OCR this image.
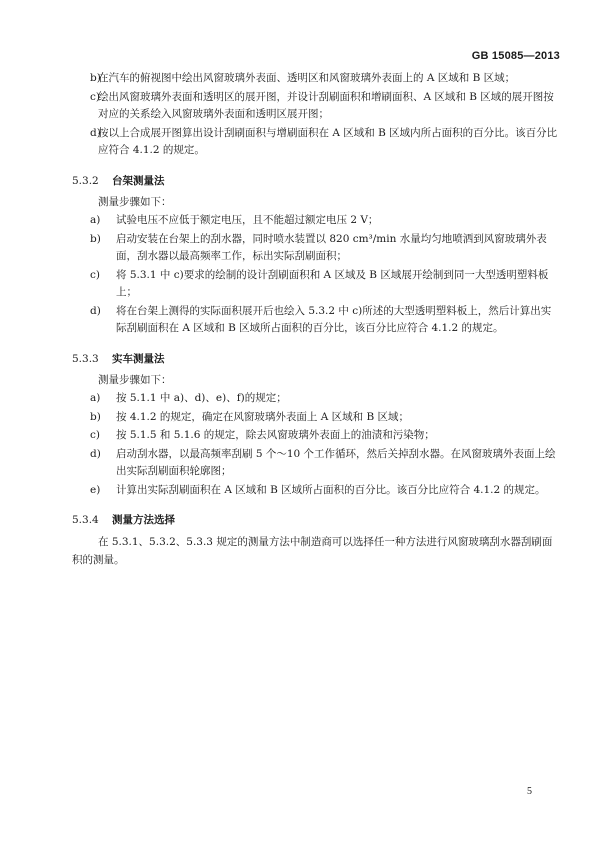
GB 15085—2013
b)
在汽车的俯视图中绘出风窗玻璃外表面、透明区和风窗玻璃外表面上的 A 区域和 B 区域；
c)
绘出风窗玻璃外表面和透明区的展开图，并设计刮刷面积和增刷面积、A 区域和 B 区域的展开图按对应的关系绘入风窗玻璃外表面和透明区展开图；
d)
按以上合成展开图算出设计刮刷面积与增刷面积在 A 区域和 B 区域内所占面积的百分比。该百分比应符合 4.1.2 的规定。
5.3.2 台架测量法
测量步骤如下：
a)	试验电压不应低于额定电压，且不能超过额定电压 2 V；
b)	启动安装在台架上的刮水器，同时喷水装置以 820 cm³/min 水量均匀地喷洒到风窗玻璃外表面，刮水器以最高频率工作，标出实际刮刷面积；
c)	将 5.3.1 中 c)要求的绘制的设计刮刷面积和 A 区域及 B 区域展开绘制到同一大型透明塑料板上；
d)	将在台架上测得的实际面积展开后也绘入 5.3.2 中 c)所述的大型透明塑料板上，然后计算出实际刮刷面积在 A 区域和 B 区域所占面积的百分比，该百分比应符合 4.1.2 的规定。
5.3.3 实车测量法
测量步骤如下：
a)	按 5.1.1 中 a)、d)、e)、f)的规定；
b)	按 4.1.2 的规定，确定在风窗玻璃外表面上 A 区域和 B 区域；
c)	按 5.1.5 和 5.1.6 的规定，除去风窗玻璃外表面上的油渍和污染物；
d)	启动刮水器，以最高频率刮刷 5 个～10 个工作循环，然后关掉刮水器。在风窗玻璃外表面上绘出实际刮刷面积轮廓图；
e)	计算出实际刮刷面积在 A 区域和 B 区域所占面积的百分比。该百分比应符合 4.1.2 的规定。
5.3.4 测量方法选择
在 5.3.1、5.3.2、5.3.3 规定的测量方法中制造商可以选择任一种方法进行风窗玻璃刮水器刮刷面积的测量。
5
